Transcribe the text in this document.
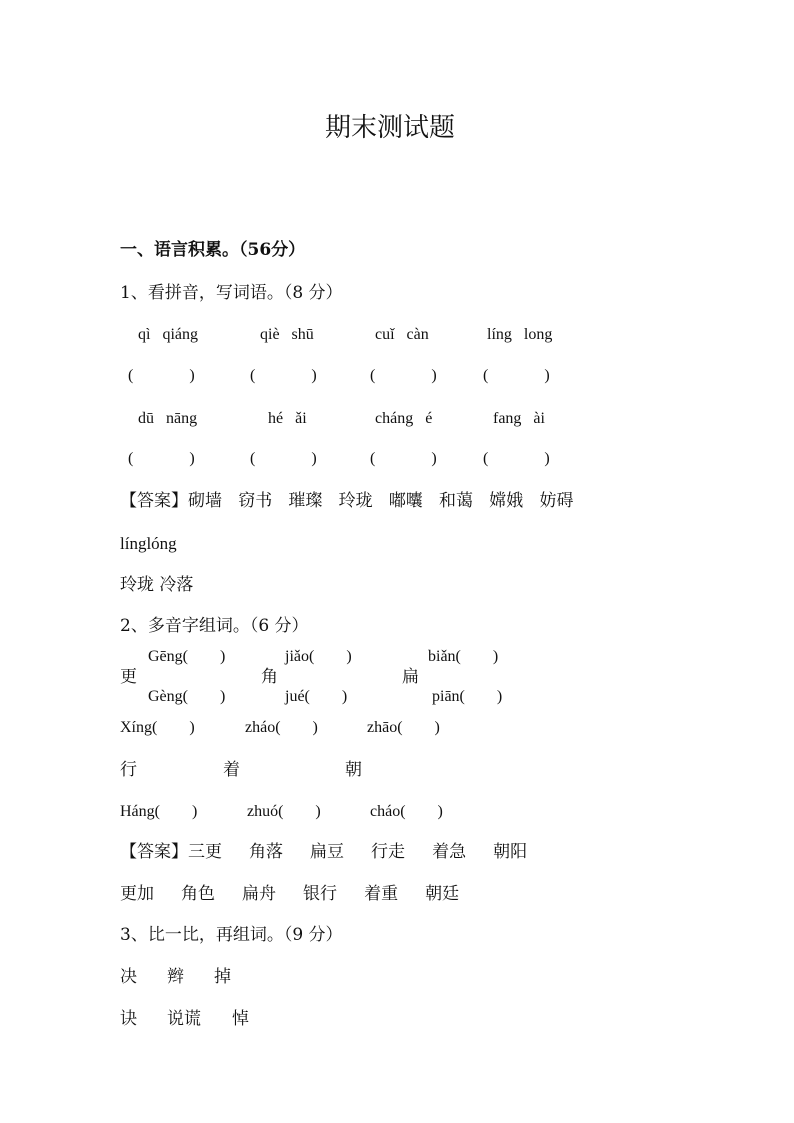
期末测试题
一、语言积累。（56分）
1、看拼音，写词语。（8 分）
qì   qiáng	qiè   shū	cuǐ   càn	líng   long
(              )	(              )	(              )	(              )
dū   nāng	hé   ǎi	cháng   é	fang   ài
(              )	(              )	(              )	(              )
【答案】砌墙   窃书   璀璨   玲珑   嘟囔   和蔼   嫦娥   妨碍
línglóng
玲珑 冷落
2、多音字组词。（6 分）
Gēng(        )	jiǎo(        )	biǎn(        )
更	角	扁
Gèng(        )	jué(        )	piān(        )
Xíng(        )	zháo(        )	zhāo(        )
行	着	朝
Háng(        )	zhuó(        )	cháo(        )
【答案】三更     角落     扁豆     行走     着急     朝阳
更加     角色     扁舟     银行     着重     朝廷
3、比一比，再组词。（9 分）
决 辫 掉
诀 说谎 悼
